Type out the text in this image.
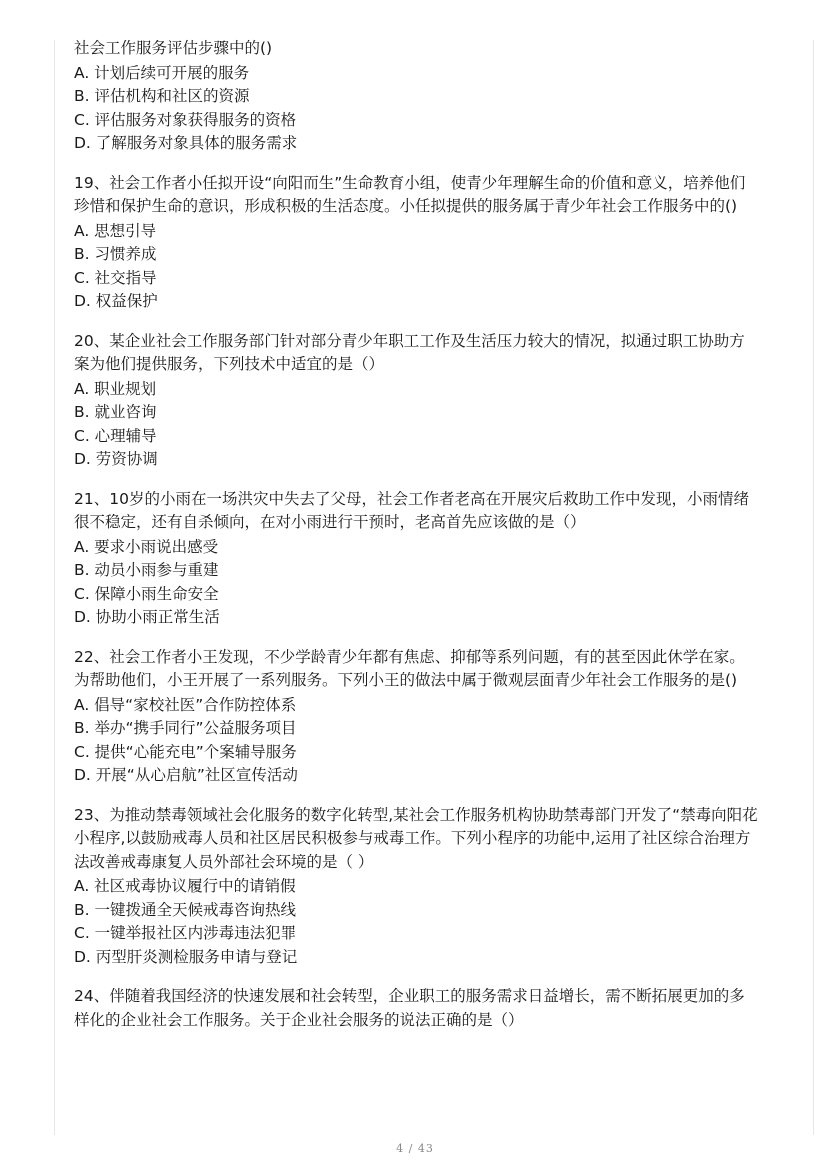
社会工作服务评估步骤中的()
A. 计划后续可开展的服务
B. 评估机构和社区的资源
C. 评估服务对象获得服务的资格
D. 了解服务对象具体的服务需求
19、社会工作者小任拟开设“向阳而生”生命教育小组，使青少年理解生命的价值和意义，培养他们珍惜和保护生命的意识，形成积极的生活态度。小任拟提供的服务属于青少年社会工作服务中的()
A. 思想引导
B. 习惯养成
C. 社交指导
D. 权益保护
20、某企业社会工作服务部门针对部分青少年职工工作及生活压力较大的情况，拟通过职工协助方案为他们提供服务，下列技术中适宜的是（）
A. 职业规划
B. 就业咨询
C. 心理辅导
D. 劳资协调
21、10岁的小雨在一场洪灾中失去了父母，社会工作者老高在开展灾后救助工作中发现，小雨情绪很不稳定，还有自杀倾向，在对小雨进行干预时，老高首先应该做的是（）
A. 要求小雨说出感受
B. 动员小雨参与重建
C. 保障小雨生命安全
D. 协助小雨正常生活
22、社会工作者小王发现，不少学龄青少年都有焦虑、抑郁等系列问题，有的甚至因此休学在家。为帮助他们，小王开展了一系列服务。下列小王的做法中属于微观层面青少年社会工作服务的是()
A. 倡导“家校社医”合作防控体系
B. 举办“携手同行”公益服务项目
C. 提供“心能充电”个案辅导服务
D. 开展“从心启航”社区宣传活动
23、为推动禁毒领域社会化服务的数字化转型,某社会工作服务机构协助禁毒部门开发了“禁毒向阳花小程序,以鼓励戒毒人员和社区居民积极参与戒毒工作。下列小程序的功能中,运用了社区综合治理方法改善戒毒康复人员外部社会环境的是（ ）
A. 社区戒毒协议履行中的请销假
B. 一键拨通全天候戒毒咨询热线
C. 一键举报社区内涉毒违法犯罪
D. 丙型肝炎测检服务申请与登记
24、伴随着我国经济的快速发展和社会转型，企业职工的服务需求日益增长，需不断拓展更加的多样化的企业社会工作服务。关于企业社会服务的说法正确的是（）
4 / 43
